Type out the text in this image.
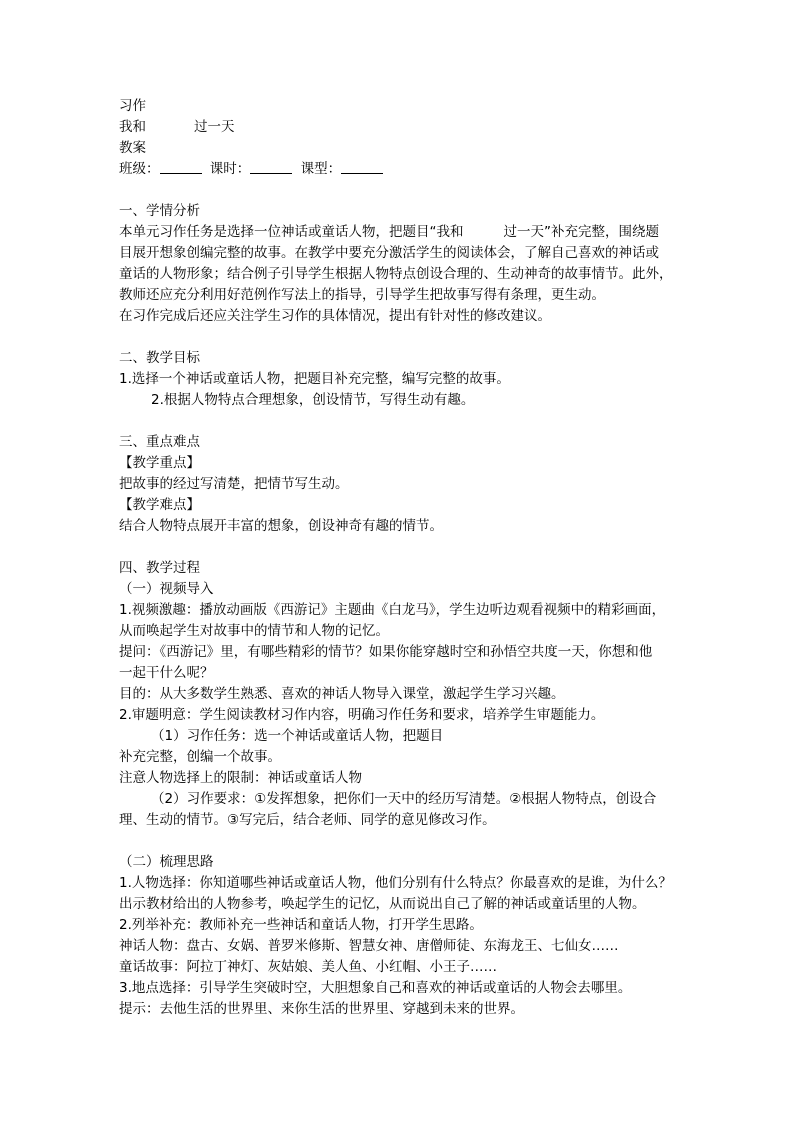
习作
我和	过一天
教案
班级：	课时：	课型：
一、学情分析
本单元习作任务是选择一位神话或童话人物，把题目“我和	过一天”补充完整，围绕题
目展开想象创编完整的故事。在教学中要充分激活学生的阅读体会，了解自己喜欢的神话或
童话的人物形象；结合例子引导学生根据人物特点创设合理的、生动神奇的故事情节。此外，
教师还应充分利用好范例作写法上的指导，引导学生把故事写得有条理，更生动。
在习作完成后还应关注学生习作的具体情况，提出有针对性的修改建议。
二、教学目标
1.选择一个神话或童话人物，把题目补充完整，编写完整的故事。
2.根据人物特点合理想象，创设情节，写得生动有趣。
三、重点难点
【教学重点】
把故事的经过写清楚，把情节写生动。
【教学难点】
结合人物特点展开丰富的想象，创设神奇有趣的情节。
四、教学过程
（一）视频导入
1.视频激趣：播放动画版《西游记》主题曲《白龙马》，学生边听边观看视频中的精彩画面，
从而唤起学生对故事中的情节和人物的记忆。
提问：《西游记》里，有哪些精彩的情节？如果你能穿越时空和孙悟空共度一天，你想和他
一起干什么呢？
目的：从大多数学生熟悉、喜欢的神话人物导入课堂，激起学生学习兴趣。
2.审题明意：学生阅读教材习作内容，明确习作任务和要求，培养学生审题能力。
（1）习作任务：选一个神话或童话人物，把题目
补充完整，创编一个故事。
注意人物选择上的限制：神话或童话人物
（2）习作要求：①发挥想象，把你们一天中的经历写清楚。②根据人物特点，创设合
理、生动的情节。③写完后，结合老师、同学的意见修改习作。
（二）梳理思路
1.人物选择：你知道哪些神话或童话人物，他们分别有什么特点？你最喜欢的是谁，为什么？
出示教材给出的人物参考，唤起学生的记忆，从而说出自己了解的神话或童话里的人物。
2.列举补充：教师补充一些神话和童话人物，打开学生思路。
神话人物：盘古、女娲、普罗米修斯、智慧女神、唐僧师徒、东海龙王、七仙女……
童话故事：阿拉丁神灯、灰姑娘、美人鱼、小红帽、小王子……
3.地点选择：引导学生突破时空，大胆想象自己和喜欢的神话或童话的人物会去哪里。
提示：去他生活的世界里、来你生活的世界里、穿越到未来的世界。
